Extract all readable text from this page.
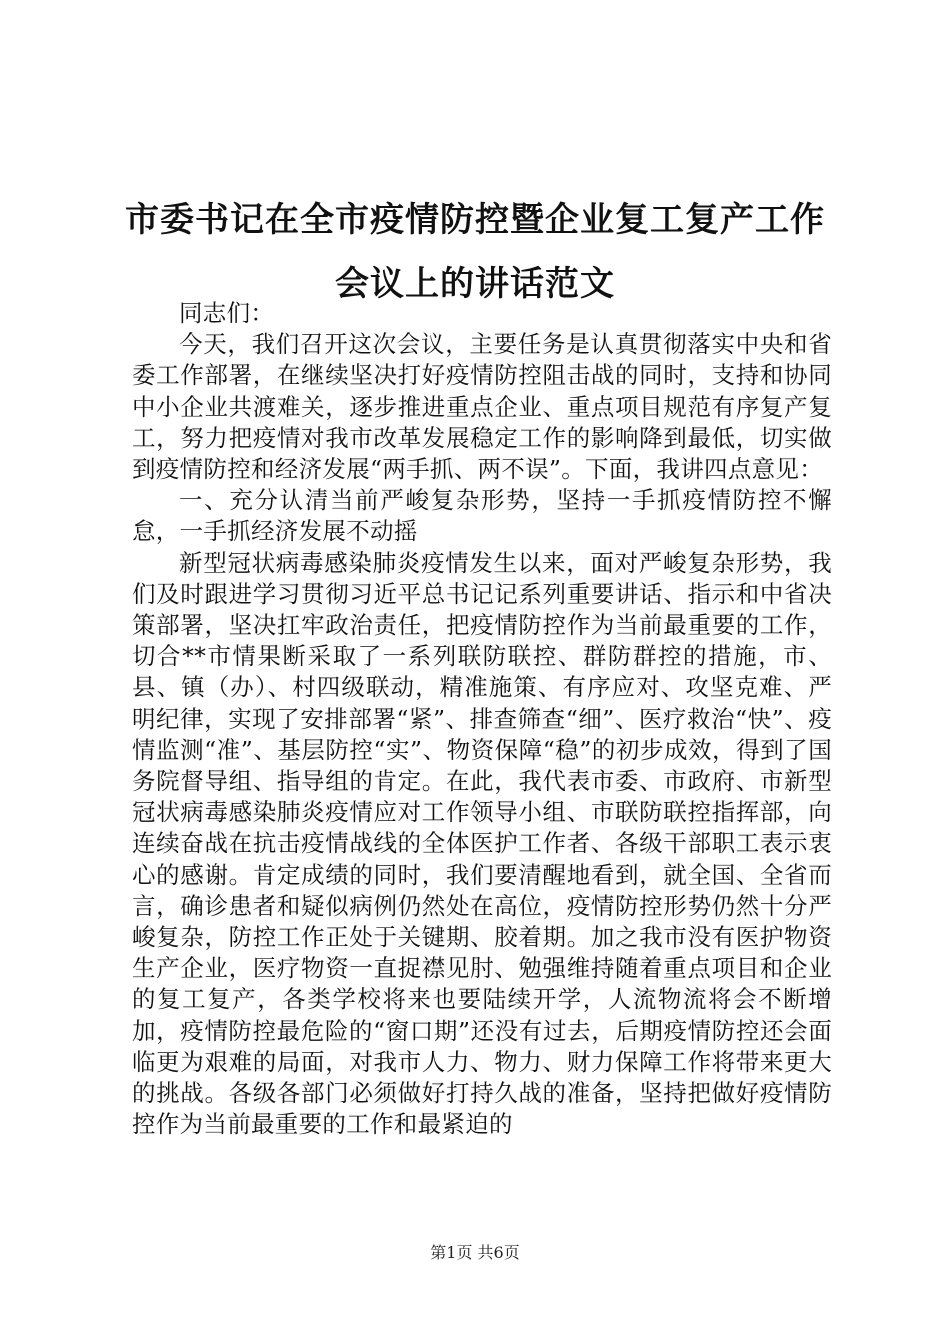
市委书记在全市疫情防控暨企业复工复产工作会议上的讲话范文

同志们：

今天，我们召开这次会议，主要任务是认真贯彻落实中央和省委工作部署，在继续坚决打好疫情防控阻击战的同时，支持和协同中小企业共渡难关，逐步推进重点企业、重点项目规范有序复产复工，努力把疫情对我市改革发展稳定工作的影响降到最低，切实做到疫情防控和经济发展“两手抓、两不误”。下面，我讲四点意见：

一、充分认清当前严峻复杂形势，坚持一手抓疫情防控不懈怠，一手抓经济发展不动摇

新型冠状病毒感染肺炎疫情发生以来，面对严峻复杂形势，我们及时跟进学习贯彻习近平总书记记系列重要讲话、指示和中省决策部署，坚决扛牢政治责任，把疫情防控作为当前最重要的工作，切合**市情果断采取了一系列联防联控、群防群控的措施，市、县、镇（办）、村四级联动，精准施策、有序应对、攻坚克难、严明纪律，实现了安排部署“紧”、排查筛查“细”、医疗救治“快”、疫情监测“准”、基层防控“实”、物资保障“稳”的初步成效，得到了国务院督导组、指导组的肯定。在此，我代表市委、市政府、市新型冠状病毒感染肺炎疫情应对工作领导小组、市联防联控指挥部，向连续奋战在抗击疫情战线的全体医护工作者、各级干部职工表示衷心的感谢。肯定成绩的同时，我们要清醒地看到，就全国、全省而言，确诊患者和疑似病例仍然处在高位，疫情防控形势仍然十分严峻复杂，防控工作正处于关键期、胶着期。加之我市没有医护物资生产企业，医疗物资一直捉襟见肘、勉强维持随着重点项目和企业的复工复产，各类学校将来也要陆续开学，人流物流将会不断增加，疫情防控最危险的“窗口期”还没有过去，后期疫情防控还会面临更为艰难的局面，对我市人力、物力、财力保障工作将带来更大的挑战。各级各部门必须做好打持久战的准备，坚持把做好疫情防控作为当前最重要的工作和最紧迫的

第1页 共6页
